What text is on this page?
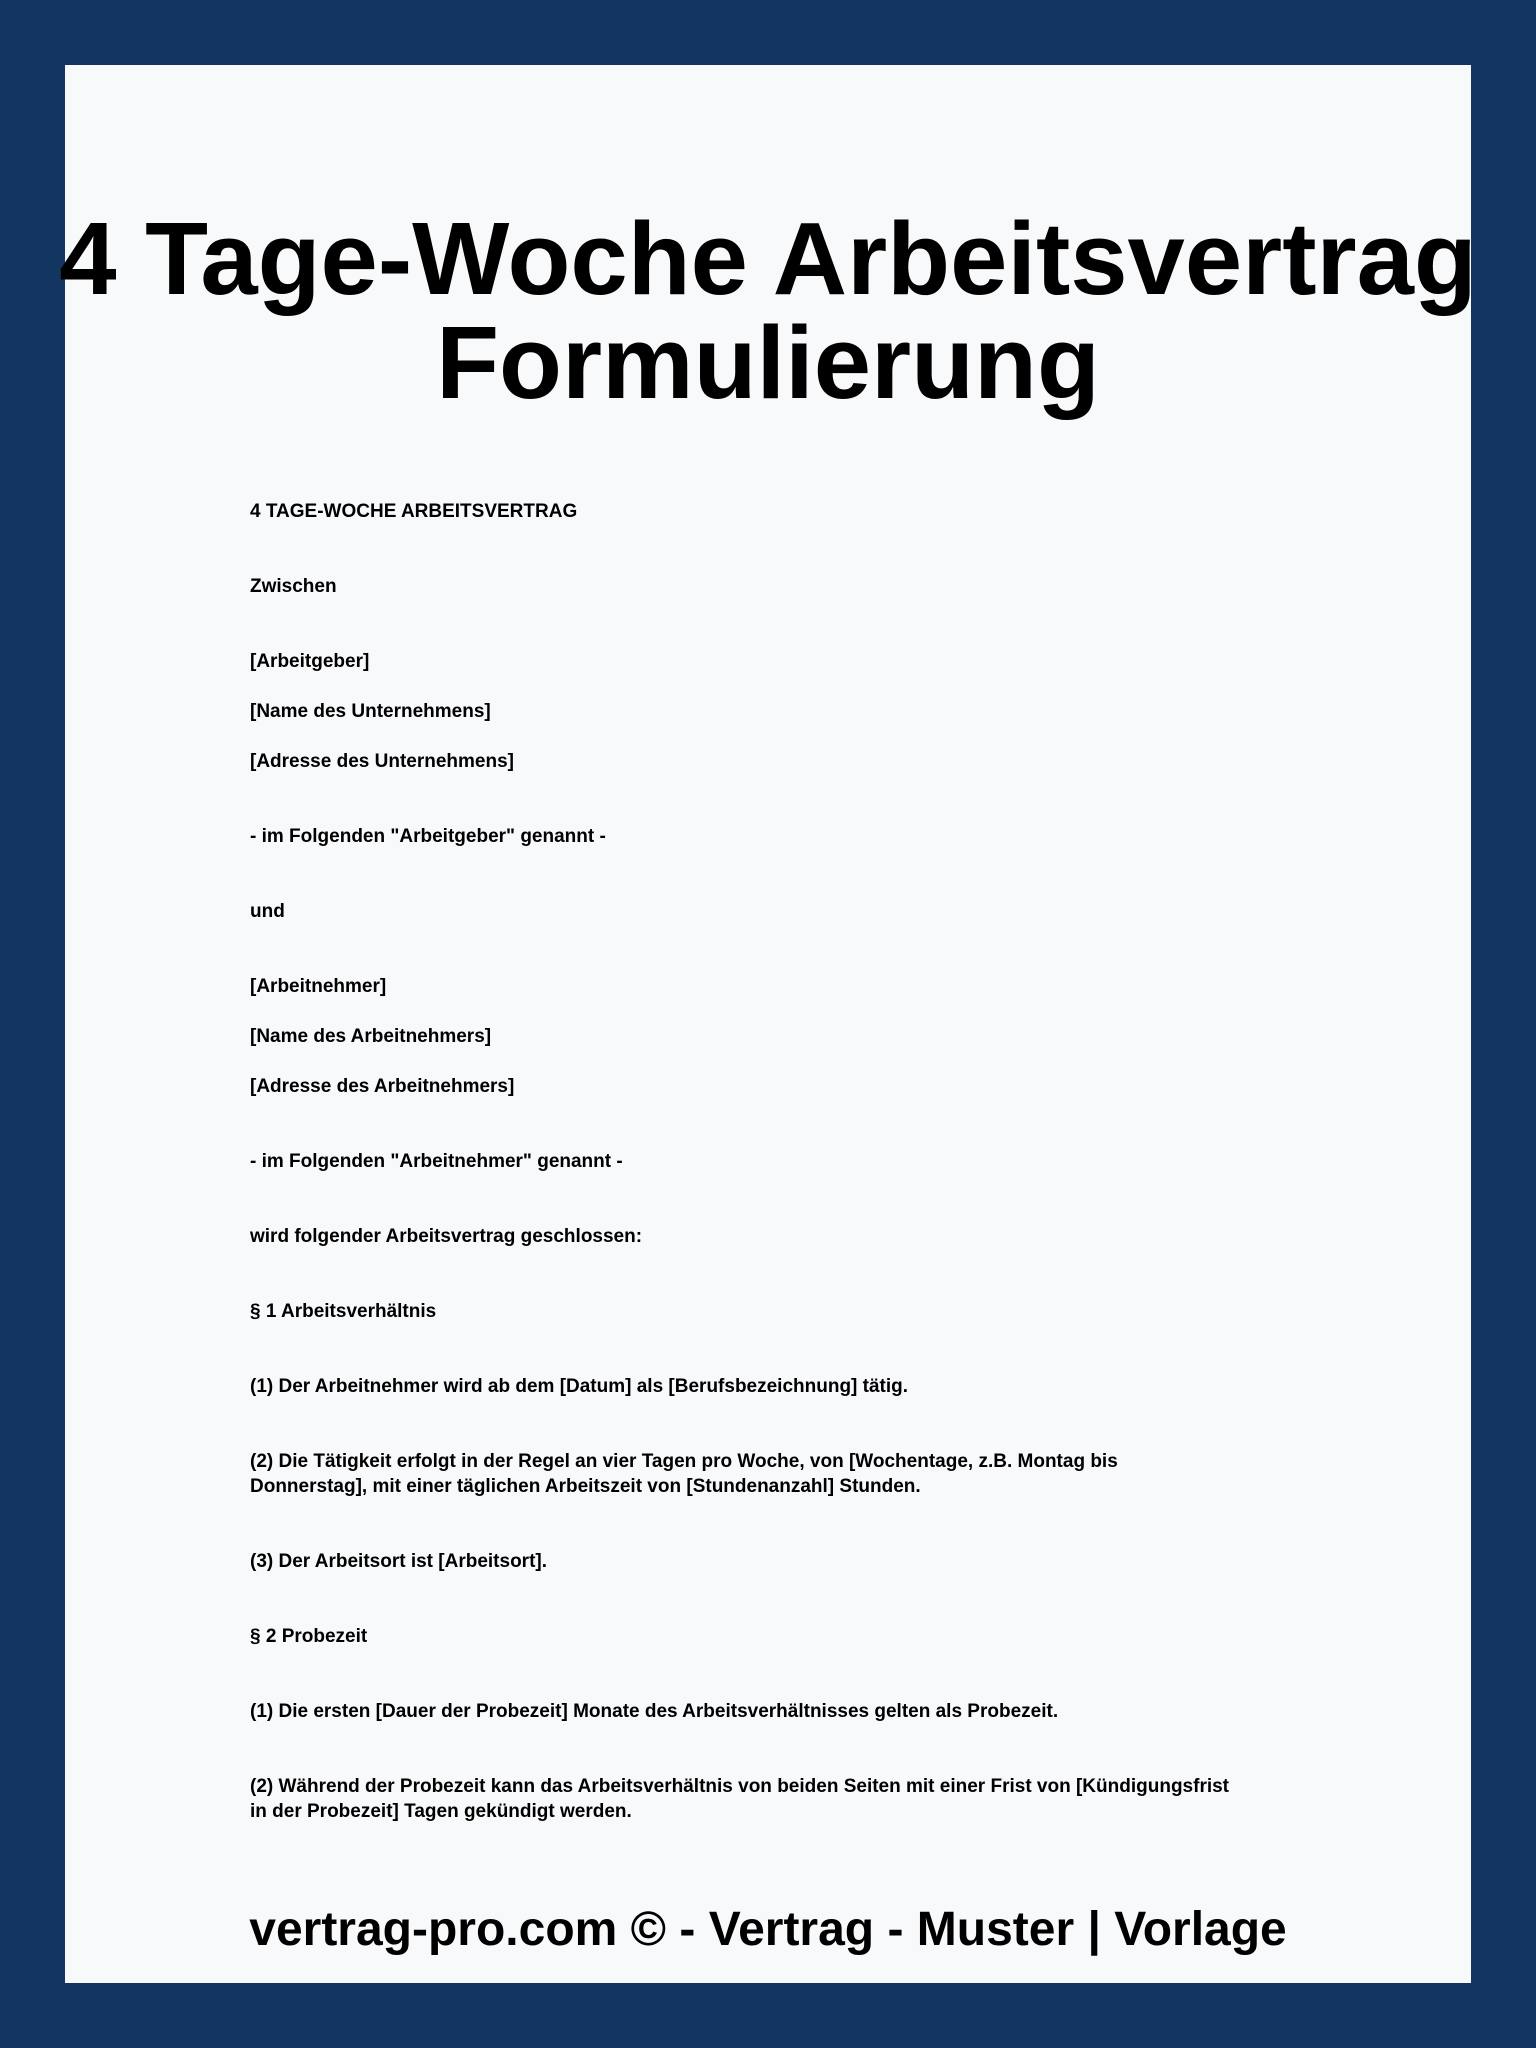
4 Tage-Woche Arbeitsvertrag
Formulierung

4 TAGE-WOCHE ARBEITSVERTRAG

Zwischen

[Arbeitgeber]

[Name des Unternehmens]

[Adresse des Unternehmens]

- im Folgenden "Arbeitgeber" genannt -

und

[Arbeitnehmer]

[Name des Arbeitnehmers]

[Adresse des Arbeitnehmers]

- im Folgenden "Arbeitnehmer" genannt -

wird folgender Arbeitsvertrag geschlossen:

§ 1 Arbeitsverhältnis

(1) Der Arbeitnehmer wird ab dem [Datum] als [Berufsbezeichnung] tätig.

(2) Die Tätigkeit erfolgt in der Regel an vier Tagen pro Woche, von [Wochentage, z.B. Montag bis Donnerstag], mit einer täglichen Arbeitszeit von [Stundenanzahl] Stunden.

(3) Der Arbeitsort ist [Arbeitsort].

§ 2 Probezeit

(1) Die ersten [Dauer der Probezeit] Monate des Arbeitsverhältnisses gelten als Probezeit.

(2) Während der Probezeit kann das Arbeitsverhältnis von beiden Seiten mit einer Frist von [Kündigungsfrist in der Probezeit] Tagen gekündigt werden.

vertrag-pro.com © - Vertrag - Muster | Vorlage
